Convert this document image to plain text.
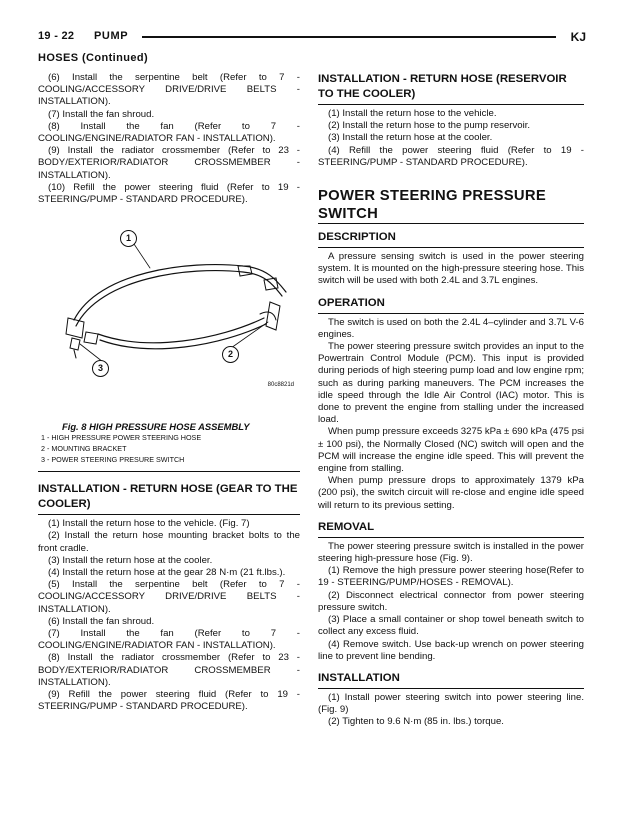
19 - 22 PUMP	KJ
HOSES (Continued)

(6) Install the serpentine belt (Refer to 7 - COOLING/ACCESSORY DRIVE/DRIVE BELTS - INSTALLATION).

(7) Install the fan shroud.

(8) Install the fan (Refer to 7 - COOLING/ENGINE/RADIATOR FAN - INSTALLATION).

(9) Install the radiator crossmember (Refer to 23 - BODY/EXTERIOR/RADIATOR CROSSMEMBER - INSTALLATION).

(10) Refill the power steering fluid (Refer to 19 - STEERING/PUMP - STANDARD PROCEDURE).

1
2
3
80c8821d
Fig. 8 HIGH PRESSURE HOSE ASSEMBLY
1 - HIGH PRESSURE POWER STEERING HOSE
2 - MOUNTING BRACKET
3 - POWER STEERING PRESURE SWITCH
INSTALLATION - RETURN HOSE (GEAR TO THE COOLER)

(1) Install the return hose to the vehicle. (Fig. 7)

(2) Install the return hose mounting bracket bolts to the front cradle.

(3) Install the return hose at the cooler.

(4) Install the return hose at the gear 28 N·m (21 ft.lbs.).

(5) Install the serpentine belt (Refer to 7 - COOLING/ACCESSORY DRIVE/DRIVE BELTS - INSTALLATION).

(6) Install the fan shroud.

(7) Install the fan (Refer to 7 - COOLING/ENGINE/RADIATOR FAN - INSTALLATION).

(8) Install the radiator crossmember (Refer to 23 - BODY/EXTERIOR/RADIATOR CROSSMEMBER - INSTALLATION).

(9) Refill the power steering fluid (Refer to 19 - STEERING/PUMP - STANDARD PROCEDURE).

INSTALLATION - RETURN HOSE (RESERVOIR TO THE COOLER)

(1) Install the return hose to the vehicle.

(2) Install the return hose to the pump reservoir.

(3) Install the return hose at the cooler.

(4) Refill the power steering fluid (Refer to 19 - STEERING/PUMP - STANDARD PROCEDURE).

POWER STEERING PRESSURE SWITCH
DESCRIPTION

A pressure sensing switch is used in the power steering system. It is mounted on the high-pressure steering hose. This switch will be used with both 2.4L and 3.7L engines.

OPERATION

The switch is used on both the 2.4L 4–cylinder and 3.7L V-6 engines.

The power steering pressure switch provides an input to the Powertrain Control Module (PCM). This input is provided during periods of high steering pump load and low engine rpm; such as during parking maneuvers. The PCM increases the idle speed through the Idle Air Control (IAC) motor. This is done to prevent the engine from stalling under the increased load.

When pump pressure exceeds 3275 kPa ± 690 kPa (475 psi ± 100 psi), the Normally Closed (NC) switch will open and the PCM will increase the engine idle speed. This will prevent the engine from stalling.

When pump pressure drops to approximately 1379 kPa (200 psi), the switch circuit will re-close and engine idle speed will return to its previous setting.

REMOVAL

The power steering pressure switch is installed in the power steering high-pressure hose (Fig. 9).

(1) Remove the high pressure power steering hose(Refer to 19 - STEERING/PUMP/HOSES - REMOVAL).

(2) Disconnect electrical connector from power steering pressure switch.

(3) Place a small container or shop towel beneath switch to collect any excess fluid.

(4) Remove switch. Use back-up wrench on power steering line to prevent line bending.

INSTALLATION

(1) Install power steering switch into power steering line. (Fig. 9)

(2) Tighten to 9.6 N·m (85 in. lbs.) torque.
